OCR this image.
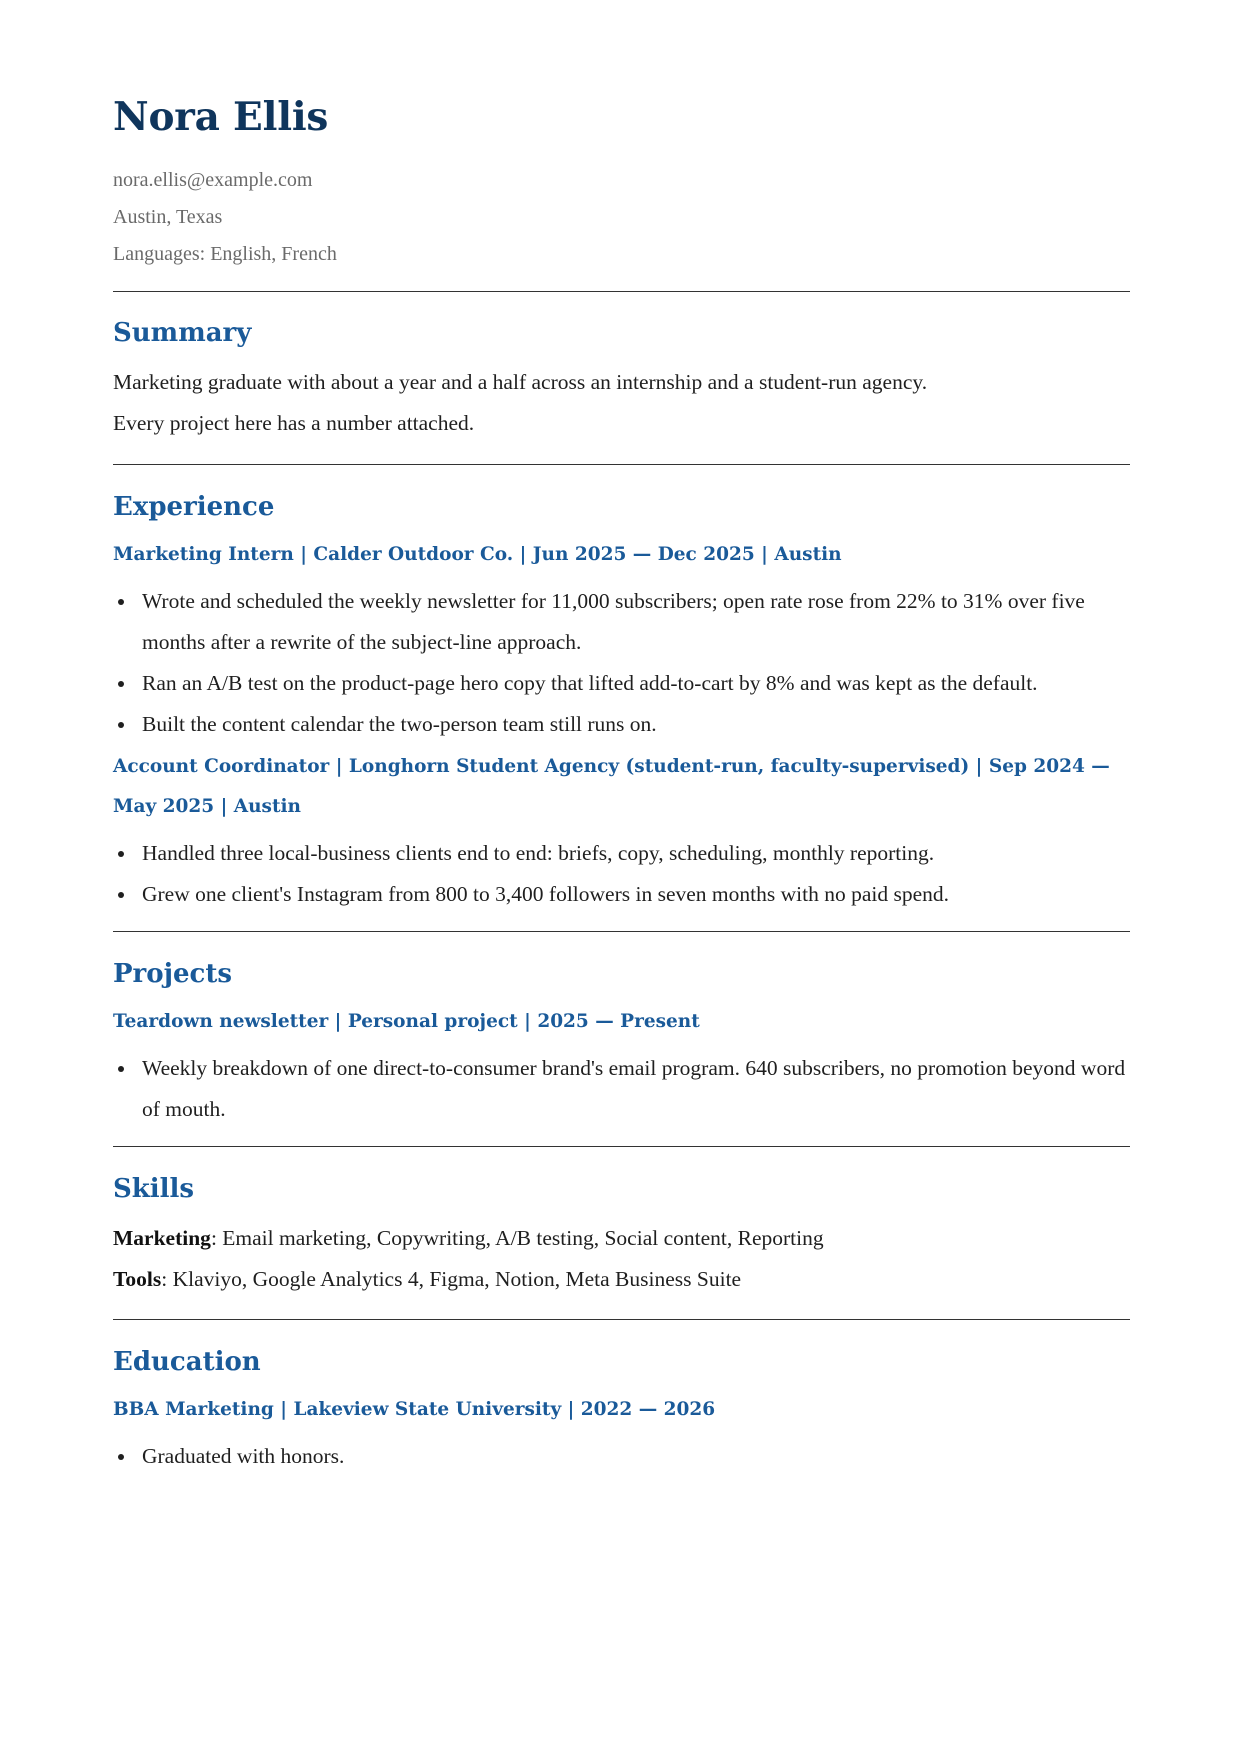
Nora Ellis
nora.ellis@example.com
Austin, Texas
Languages: English, French
Summary

Marketing graduate with about a year and a half across an internship and a student-run agency.

Every project here has a number attached.

Experience

Marketing Intern | Calder Outdoor Co. | Jun 2025 — Dec 2025 | Austin

Wrote and scheduled the weekly newsletter for 11,000 subscribers; open rate rose from 22% to 31% over five months after a rewrite of the subject-line approach.
Ran an A/B test on the product-page hero copy that lifted add-to-cart by 8% and was kept as the default.
Built the content calendar the two-person team still runs on.

Account Coordinator | Longhorn Student Agency (student-run, faculty-supervised) | Sep 2024 — May 2025 | Austin

Handled three local-business clients end to end: briefs, copy, scheduling, monthly reporting.
Grew one client's Instagram from 800 to 3,400 followers in seven months with no paid spend.
Projects

Teardown newsletter | Personal project | 2025 — Present

Weekly breakdown of one direct-to-consumer brand's email program. 640 subscribers, no promotion beyond word of mouth.
Skills
Marketing: Email marketing, Copywriting, A/B testing, Social content, Reporting
Tools: Klaviyo, Google Analytics 4, Figma, Notion, Meta Business Suite
Education

BBA Marketing | Lakeview State University | 2022 — 2026

Graduated with honors.
